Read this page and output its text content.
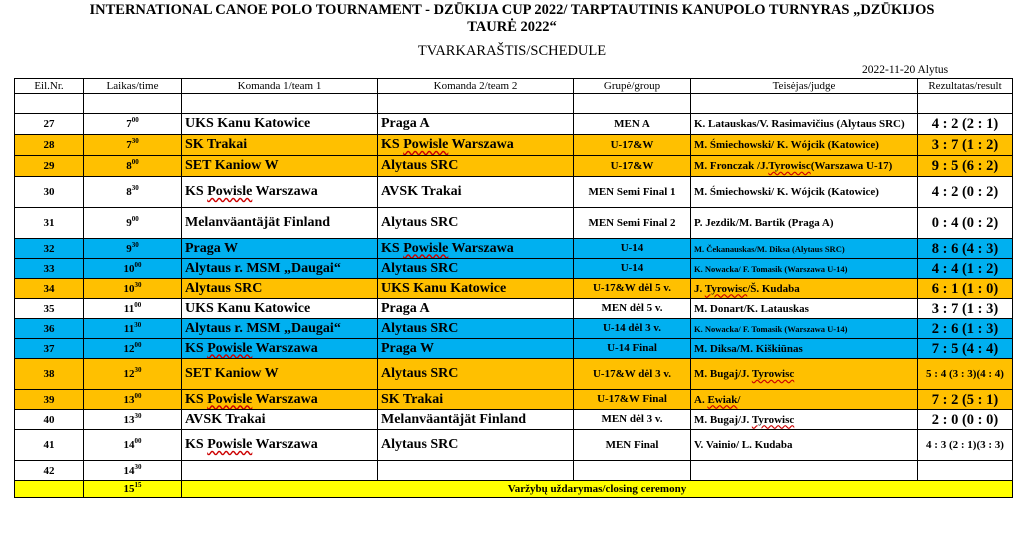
INTERNATIONAL CANOE POLO TOURNAMENT - DZŪKIJA CUP 2022/ TARPTAUTINIS KANUPOLO TURNYRAS „DZŪKIJOS
TAURĖ 2022“
TVARKARAŠTIS/SCHEDULE
2022-11-20 Alytus
Eil.Nr.	Laikas/time	Komanda 1/team 1	Komanda 2/team 2	Grupė/group	Teisėjas/judge	Rezultatas/result

27	$7^{00}$	UKS Kanu Katowice	Praga A	MEN A	K. Latauskas/V. Rasimavičius (Alytaus SRC)	4 : 2 (2 : 1)
28	$7^{30}$	SK Trakai	KS Powisle Warszawa	U-17&W	M. Śmiechowski/ K. Wójcik (Katowice)	3 : 7 (1 : 2)
29	$8^{00}$	SET Kaniow W	Alytaus SRC	U-17&W	M. Fronczak /J.Tyrowisc(Warszawa U-17)	9 : 5 (6 : 2)
30	$8^{30}$	KS Powisle Warszawa	AVSK Trakai	MEN Semi Final 1	M. Śmiechowski/ K. Wójcik (Katowice)	4 : 2 (0 : 2)
31	$9^{00}$	Melanväantäjät Finland	Alytaus SRC	MEN Semi Final 2	P. Jezdik/M. Bartik (Praga A)	0 : 4 (0 : 2)
32	$9^{30}$	Praga W	KS Powisle Warszawa	U-14	M. Čekanauskas/M. Diksa (Alytaus SRC)	8 : 6 (4 : 3)
33	$10^{00}$	Alytaus r. MSM „Daugai“	Alytaus SRC	U-14	K. Nowacka/ F. Tomasik (Warszawa U-14)	4 : 4 (1 : 2)
34	$10^{30}$	Alytaus SRC	UKS Kanu Katowice	U-17&W dėl 5 v.	J. Tyrowisc/Š. Kudaba	6 : 1 (1 : 0)
35	$11^{00}$	UKS Kanu Katowice	Praga A	MEN dėl 5 v.	M. Donart/K. Latauskas	3 : 7 (1 : 3)
36	$11^{30}$	Alytaus r. MSM „Daugai“	Alytaus SRC	U-14 dėl 3 v.	K. Nowacka/ F. Tomasik (Warszawa U-14)	2 : 6 (1 : 3)
37	$12^{00}$	KS Powisle Warszawa	Praga W	U-14 Final	M. Diksa/M. Kiškiūnas	7 : 5 (4 : 4)
38	$12^{30}$	SET Kaniow W	Alytaus SRC	U-17&W dėl 3 v.	M. Bugaj/J. Tyrowisc	5 : 4 (3 : 3)(4 : 4)
39	$13^{00}$	KS Powisle Warszawa	SK Trakai	U-17&W Final	A. Ewiak/	7 : 2 (5 : 1)
40	$13^{30}$	AVSK Trakai	Melanväantäjät Finland	MEN dėl 3 v.	M. Bugaj/J. Tyrowisc	2 : 0 (0 : 0)
41	$14^{00}$	KS Powisle Warszawa	Alytaus SRC	MEN Final	V. Vainio/ L. Kudaba	4 : 3 (2 : 1)(3 : 3)
42	$14^{30}$					
	$15^{15}$	Varžybų uždarymas/closing ceremony				
